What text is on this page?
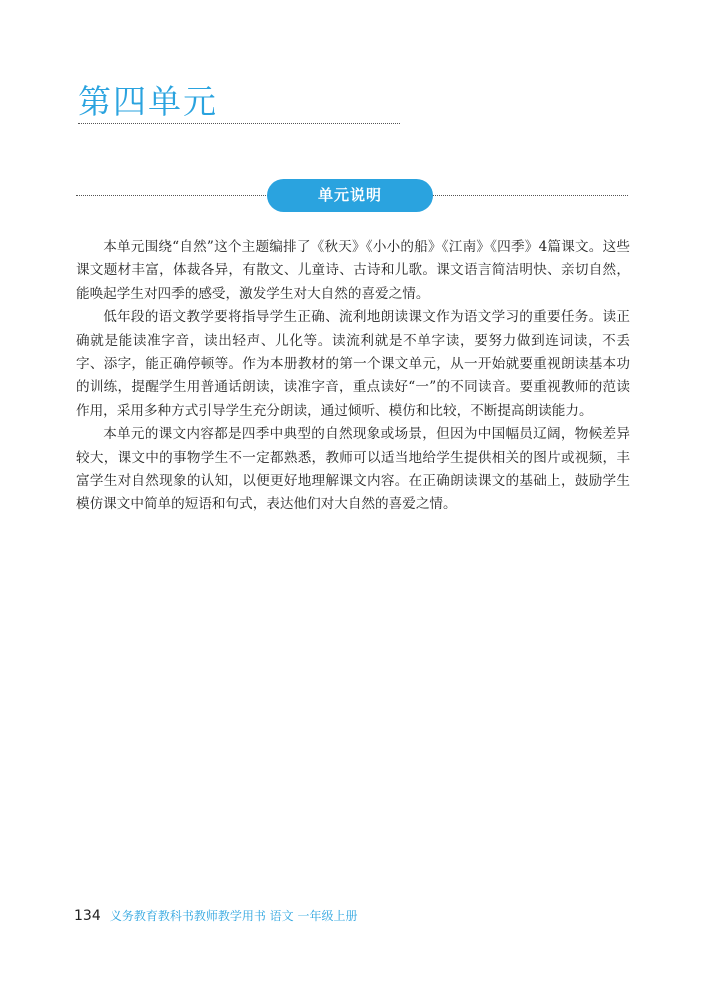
第四单元
单元说明

本单元围绕“自然”这个主题编排了《秋天》《小小的船》《江南》《四季》4篇课文。这些课文题材丰富，体裁各异，有散文、儿童诗、古诗和儿歌。课文语言简洁明快、亲切自然，能唤起学生对四季的感受，激发学生对大自然的喜爱之情。

低年段的语文教学要将指导学生正确、流利地朗读课文作为语文学习的重要任务。读正确就是能读准字音，读出轻声、儿化等。读流利就是不单字读，要努力做到连词读，不丢字、添字，能正确停顿等。作为本册教材的第一个课文单元，从一开始就要重视朗读基本功的训练，提醒学生用普通话朗读，读准字音，重点读好“一”的不同读音。要重视教师的范读作用，采用多种方式引导学生充分朗读，通过倾听、模仿和比较，不断提高朗读能力。

本单元的课文内容都是四季中典型的自然现象或场景，但因为中国幅员辽阔，物候差异较大，课文中的事物学生不一定都熟悉，教师可以适当地给学生提供相关的图片或视频，丰富学生对自然现象的认知，以便更好地理解课文内容。在正确朗读课文的基础上，鼓励学生模仿课文中简单的短语和句式，表达他们对大自然的喜爱之情。

134 义务教育教科书教师教学用书 语文 一年级上册
